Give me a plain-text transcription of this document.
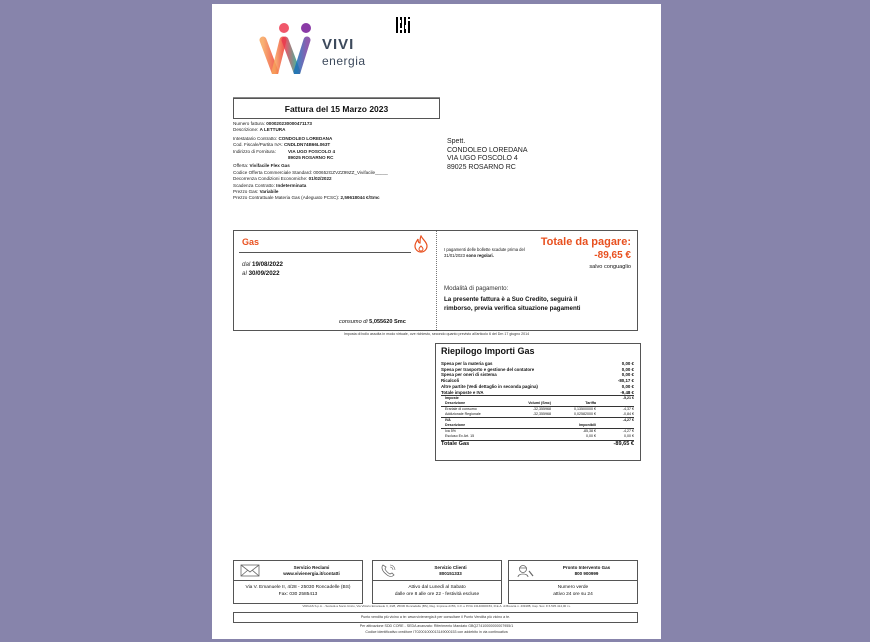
VIVI
energia
Fattura del 15 Marzo 2023
Numero fattura: 000020230000471173
Descrizione: A LETTURA
Intestatario Contratto: CONDOLEO LOREDANA
Cod. Fiscale/Partita IVA: CNDLDN74B66L063T
Indirizzo di Fornitura:	VIA UGO FOSCOLO 4
89025 ROSARNO RC
Offerta: Vivifacile Flex Gas
Codice Offerta Commerciale Standard: 000652GZVZZ99ZZ_Vivifacile_____
Decorrenza Condizioni Economiche: 01/02/2022
Scadenza Contratto: Indeterminata
Prezzo Gas: Variabile
Prezzo Contrattuale Materia Gas (Adeguato PCSC): 2,59618044 €/Smc
Spett.
CONDOLEO LOREDANA
VIA UGO FOSCOLO 4
89025 ROSARNO RC
Gas
dal 19/08/2022
al 30/09/2022
consumo di 5,055620 Smc
I pagamenti delle bollette scadute prima del 31/01/2023 sono regolari.
Totale da pagare:
-89,65 €
salvo conguaglio
Modalità di pagamento:
La presente fattura è a Suo Credito, seguirà il rimborso, previa verifica situazione pagamenti
Imposta di bollo assolta in modo virtuale, ove richiesto, secondo quanto previsto all'articolo 6 del Dm 17 giugno 2014
Riepilogo Importi Gas
Spesa per la materia gas	0,00 €
Spesa per trasporto e gestione del contatore	0,00 €
Spesa per oneri di sistema	0,00 €
Ricalcoli	-80,17 €
Altre partite (Vedi dettaglio in seconda pagina)	0,00 €
Totale imposte e IVA	-9,48 €
Imposte	-5,21 €
Descrizione	Volumi (Smc)	Tariffa
Erariale di consumo	-32,355968	0,13500000 €	-4,37 €
Addizionale Regionale	-32,355968	0,02582000 €	-0,84 €
IVA	-4,27 €
Descrizione	Imponibili
Iva 5%	-85,38 €	-4,27 €
Escluso Ex Art. 15	0,00 €	0,00 €
Totale Gas	-89,65 €
Servizio Reclami
www.vivienergia.it/contatti
Via V. Emanuele II, 4/28 - 25030 Roncadelle (BS)
Fax: 030 2585413
Servizio Clienti
800151333
Attivo dal Lunedì al Sabato
dalle ore 8 alle ore 22 - festività escluse
Pronto Intervento Gas
800 900999
Numero verde
attivo 24 ore su 24
VIRGAS S.p.A. - Società a Socio Unico, Via Vittorio Emanuele II, 4/28, 25030 Roncadelle (BS), Reg. Imprese di BS, C.F. e P.IVA 13140000153, R.E.A. di Brescia n. 439188, Cap. Soc. € 6.535.414,00 i.v.
Punto vendita più vicino a te: www.vivienergia.it per consultare il Punto Vendita più vicino a te.
Per attivazione SDD CORE - SEDA avanzato: Riferimento Mandato GBQ27410000000007955/1
Codice identificativo creditore IT02001000013149000153 con addebito in via continuativa
